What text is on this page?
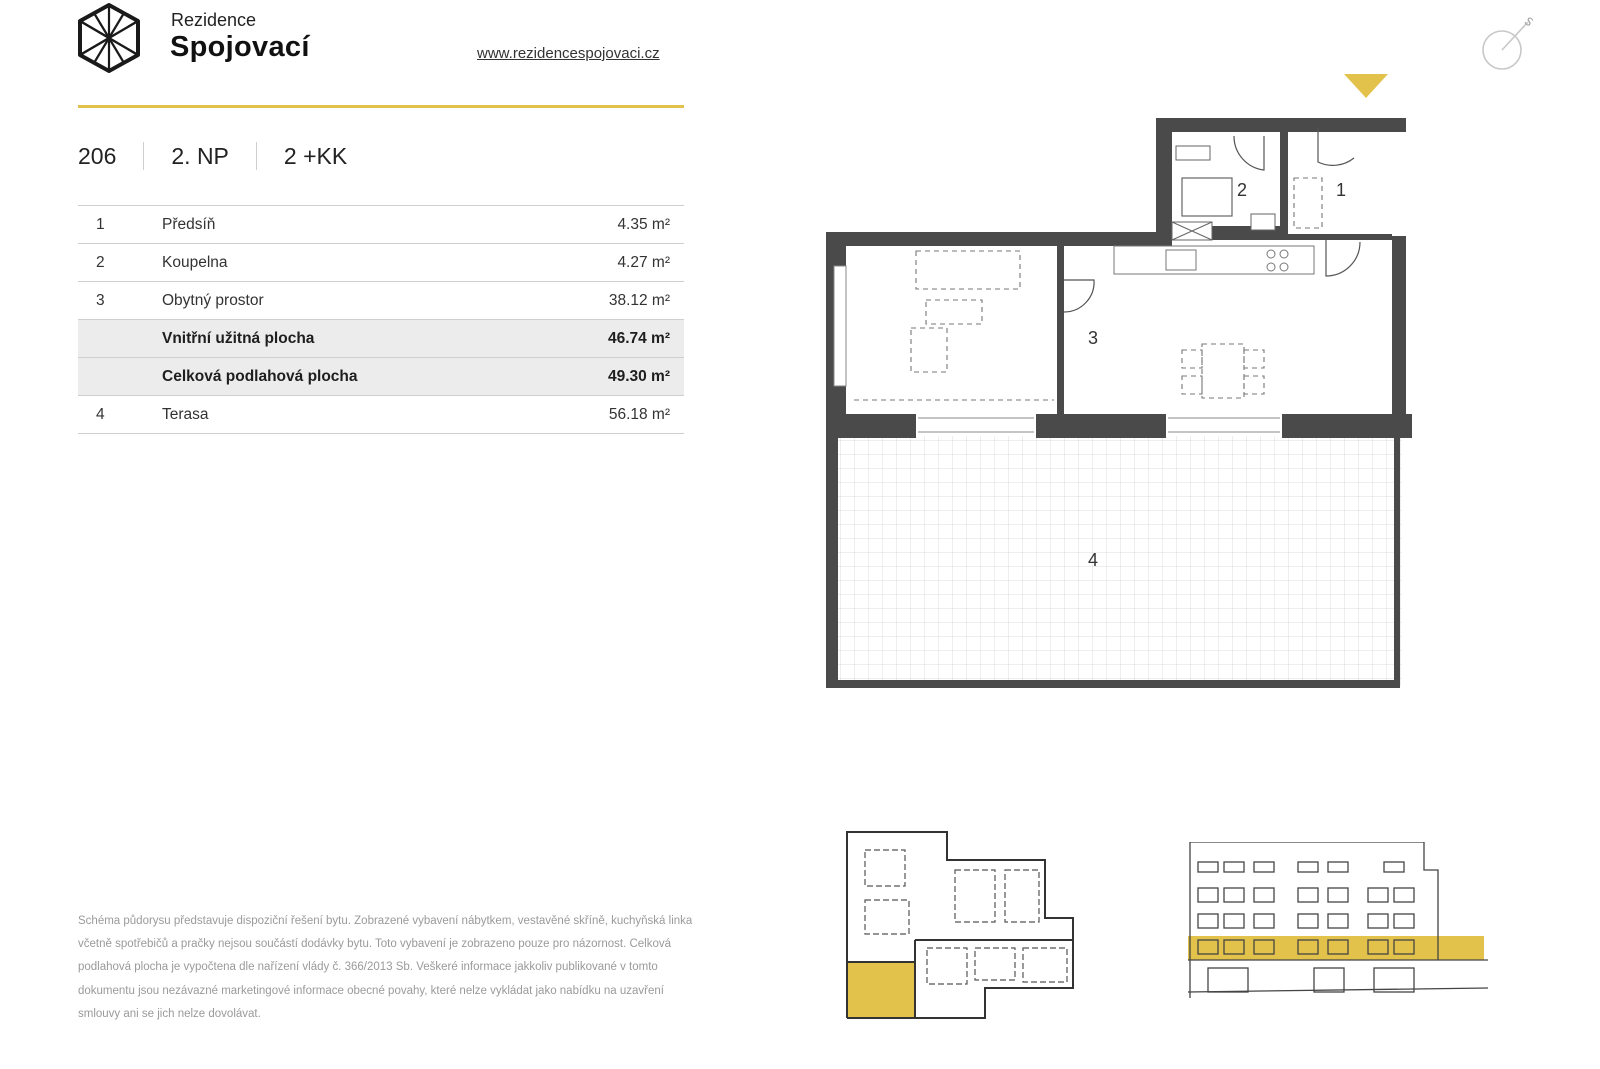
Rezidence
Spojovací	www.rezidencespojovaci.cz
206	2. NP	2 +KK
1	Předsíň	4.35 m²
2	Koupelna	4.27 m²
3	Obytný prostor	38.12 m²
	Vnitřní užitná plocha	46.74 m²
	Celková podlahová plocha	49.30 m²
4	Terasa	56.18 m²
Schéma půdorysu představuje dispoziční řešení bytu. Zobrazené vybavení nábytkem, vestavěné skříně, kuchyňská linka včetně spotřebičů a pračky nejsou součástí dodávky bytu. Toto vybavení je zobrazeno pouze pro názornost. Celková podlahová plocha je vypočtena dle nařízení vlády č. 366/2013 Sb. Veškeré informace jakkoliv publikované v tomto dokumentu jsou nezávazné marketingové informace obecné povahy, které nelze vykládat jako nabídku na uzavření smlouvy ani se jich nelze dovolávat.
S
2	1
3
4
